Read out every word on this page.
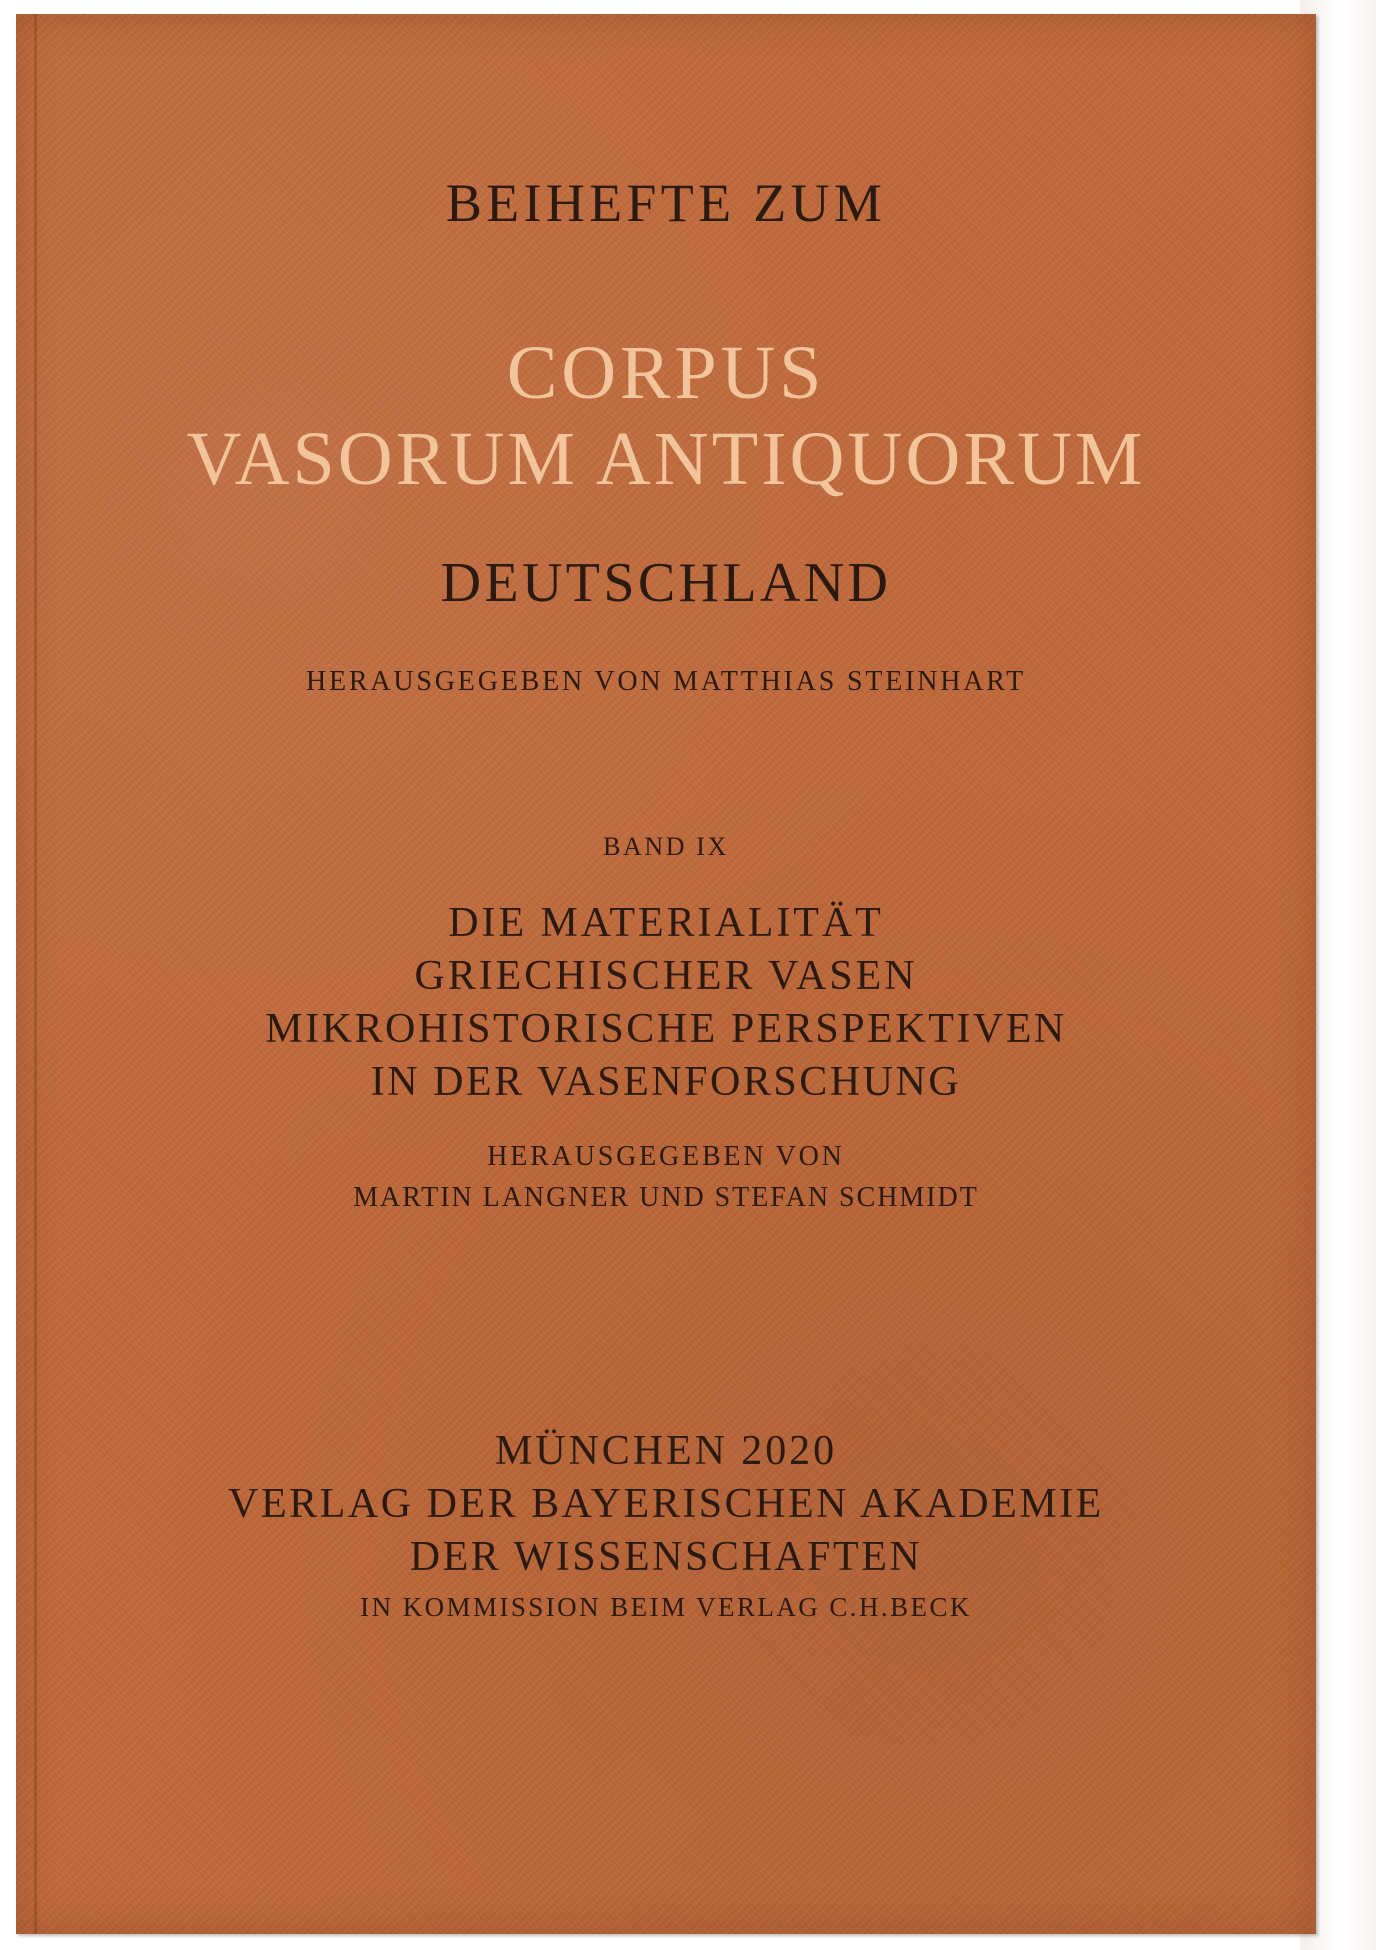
BEIHEFTE ZUM
CORPUS
VASORUM ANTIQUORUM
DEUTSCHLAND
HERAUSGEGEBEN VON MATTHIAS STEINHART
BAND IX
DIE MATERIALITÄT
GRIECHISCHER VASEN
MIKROHISTORISCHE PERSPEKTIVEN
IN DER VASENFORSCHUNG
HERAUSGEGEBEN VON
MARTIN LANGNER UND STEFAN SCHMIDT
MÜNCHEN 2020
VERLAG DER BAYERISCHEN AKADEMIE
DER WISSENSCHAFTEN
IN KOMMISSION BEIM VERLAG C.H.BECK
